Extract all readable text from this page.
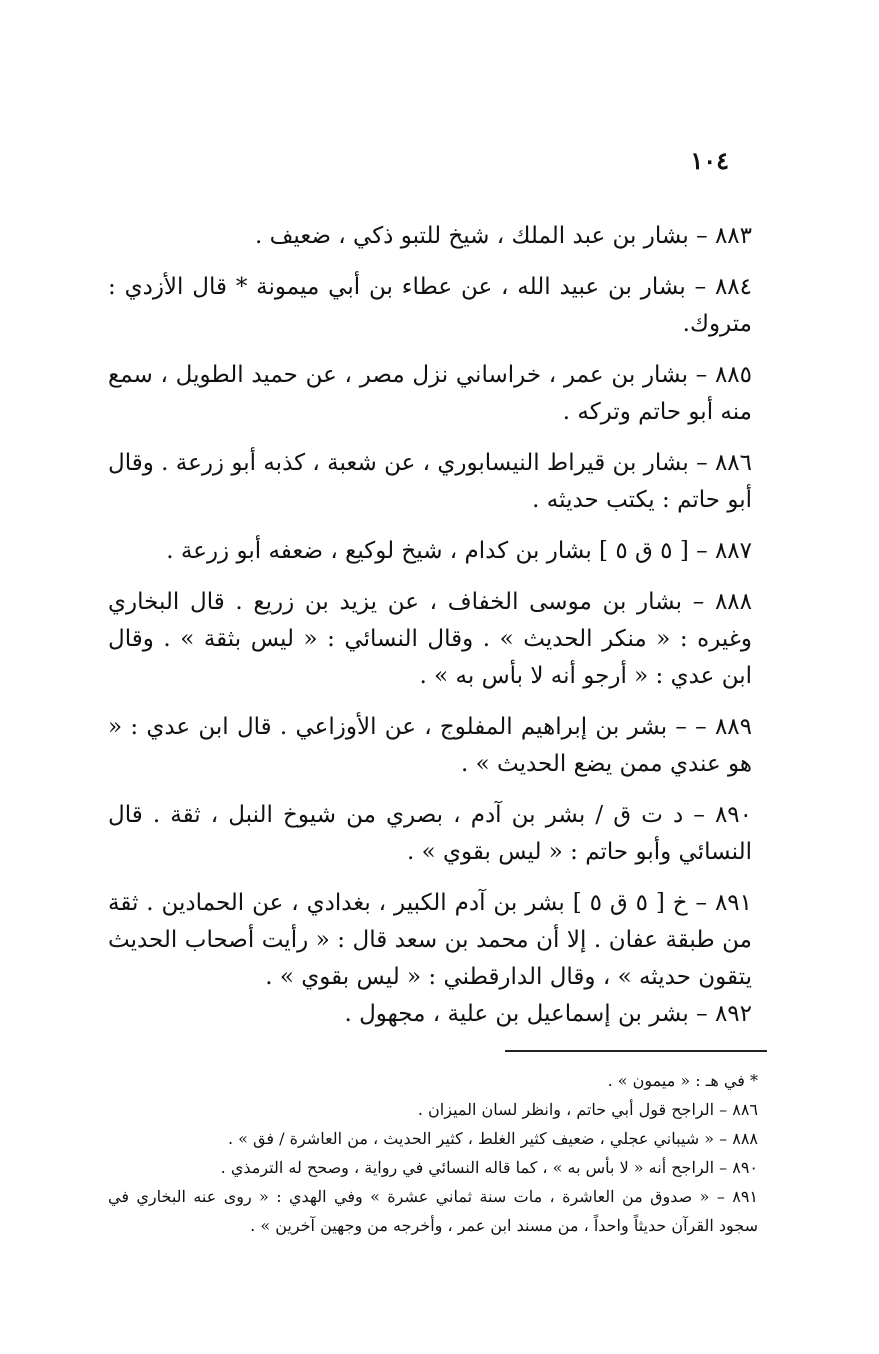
١٠٤

٨٨٣ – بشار بن عبد الملك ، شيخ للتبو ذكي ، ضعيف .

٨٨٤ – بشار بن عبيد الله ، عن عطاء بن أبي ميمونة * قال الأزدي : متروك.

٨٨٥ – بشار بن عمر ، خراساني نزل مصر ، عن حميد الطويل ، سمع منه أبو حاتم وتركه .

٨٨٦ – بشار بن قيراط النيسابوري ، عن شعبة ، كذبه أبو زرعة . وقال أبو حاتم : يكتب حديثه .

٨٨٧ – [ ٥ ق ٥ ] بشار بن كدام ، شيخ لوكيع ، ضعفه أبو زرعة .

٨٨٨ – بشار بن موسى الخفاف ، عن يزيد بن زريع . قال البخاري وغيره : « منكر الحديث » . وقال النسائي : « ليس بثقة » . وقال ابن عدي : « أرجو أنه لا بأس به » .

٨٨٩ – – بشر بن إبراهيم المفلوج ، عن الأوزاعي . قال ابن عدي : « هو عندي ممن يضع الحديث » .

٨٩٠ – د ت ق / بشر بن آدم ، بصري من شيوخ النبل ، ثقة . قال النسائي وأبو حاتم : « ليس بقوي » .

٨٩١ – خ [ ٥ ق ٥ ] بشر بن آدم الكبير ، بغدادي ، عن الحمادين . ثقة من طبقة عفان . إلا أن محمد بن سعد قال : « رأيت أصحاب الحديث يتقون حديثه » ، وقال الدارقطني : « ليس بقوي » .

٨٩٢ – بشر بن إسماعيل بن علية ، مجهول .

* في هـ : « ميمون » .

٨٨٦ – الراجح قول أبي حاتم ، وانظر لسان الميزان .

٨٨٨ – « شيباني عجلي ، ضعيف كثير الغلط ، كثير الحديث ، من العاشرة / فق » .

٨٩٠ – الراجح أنه « لا بأس به » ، كما قاله النسائي في رواية ، وصحح له الترمذي .

٨٩١ – « صدوق من العاشرة ، مات سنة ثماني عشرة » وفي الهدي : « روى عنه البخاري في سجود القرآن حديثاً واحداً ، من مسند ابن عمر ، وأخرجه من وجهين آخرين » .
